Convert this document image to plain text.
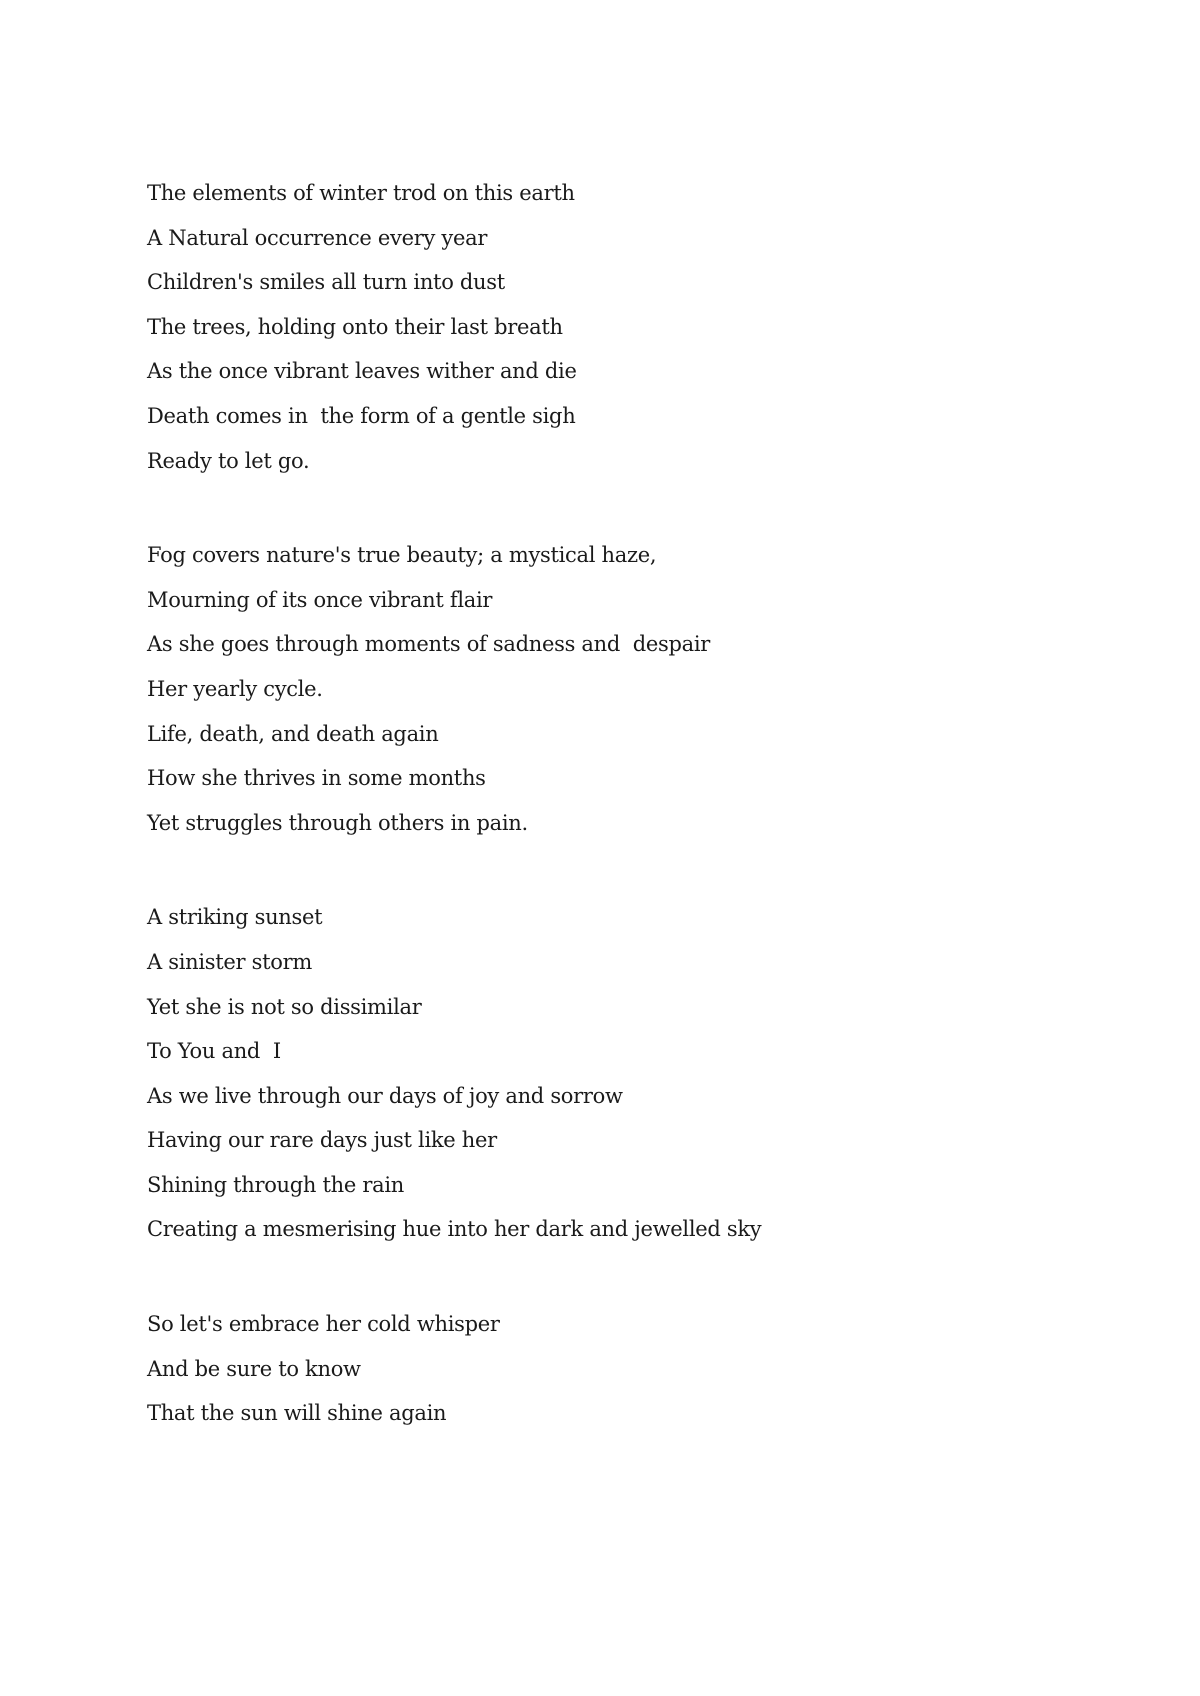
The elements of winter trod on this earth
A Natural occurrence every year
Children's smiles all turn into dust
The trees, holding onto their last breath
As the once vibrant leaves wither and die
Death comes in  the form of a gentle sigh
Ready to let go.
Fog covers nature's true beauty; a mystical haze,
Mourning of its once vibrant flair
As she goes through moments of sadness and  despair
Her yearly cycle.
Life, death, and death again
How she thrives in some months
Yet struggles through others in pain.
A striking sunset
A sinister storm
Yet she is not so dissimilar
To You and  I
As we live through our days of joy and sorrow
Having our rare days just like her
Shining through the rain
Creating a mesmerising hue into her dark and jewelled sky
So let's embrace her cold whisper
And be sure to know
That the sun will shine again
